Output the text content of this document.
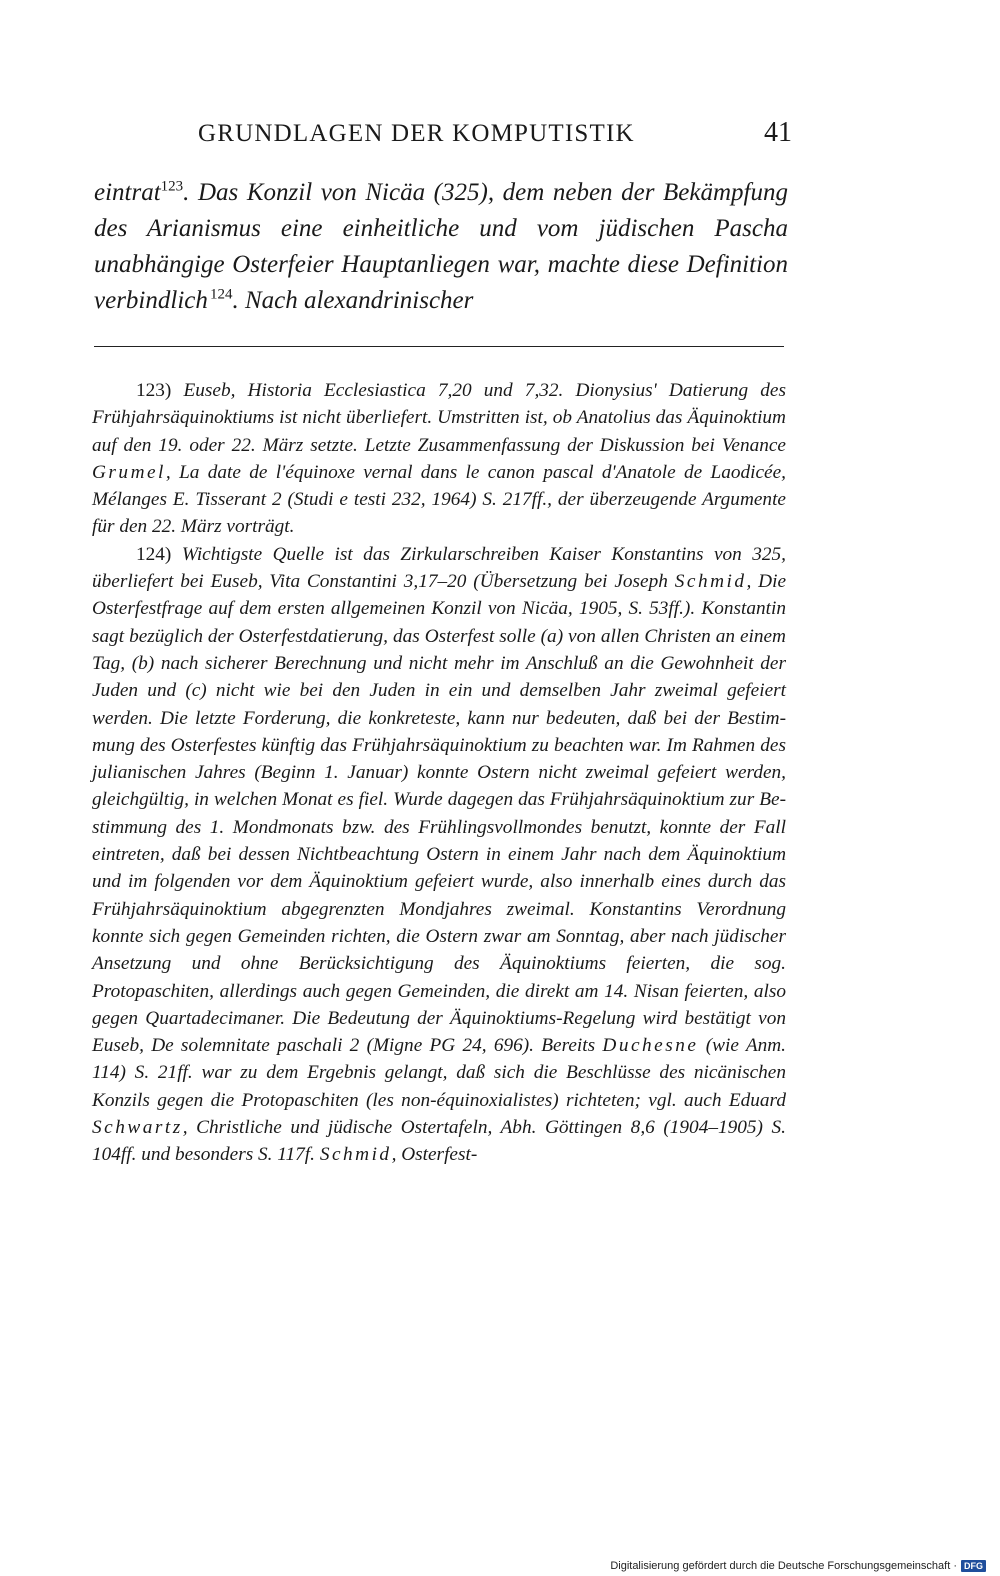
GRUNDLAGEN DER KOMPUTISTIK	41

eintrat$^{123}$. Das Konzil von Nicäa (325), dem neben der Bekämpfung des Arianismus eine einheitliche und vom jüdischen Pascha unabhängige Osterfeier Hauptanliegen war, machte diese Definition verbindlich  $^{124}$. Nach alexandrinischer

123) Euseb, Historia Ecclesiastica 7,20 und 7,32. Dionysius' Datierung des Frühjahrsäquinoktiums ist nicht überliefert. Umstritten ist, ob Anatolius das Äquinoktium auf den 19. oder 22. März setzte. Letzte Zusammenfassung der Diskussion bei Venance Grumel, La date de l'équinoxe vernal dans le canon pascal d'Anatole de Laodicée, Mélanges E. Tisserant 2 (Studi e testi 232, 1964) S. 217ff., der überzeugende Argumente für den 22. März vorträgt.

124) Wichtigste Quelle ist das Zirkularschreiben Kaiser Konstantins von 325, überliefert bei Euseb, Vita Constantini 3,17–20 (Übersetzung bei Joseph Schmid, Die Osterfestfrage auf dem ersten allgemeinen Konzil von Nicäa, 1905, S. 53ff.). Konstantin sagt bezüglich der Osterfestdatierung, das Osterfest solle (a) von allen Christen an einem Tag, (b) nach sicherer Berechnung und nicht mehr im Anschluß an die Gewohnheit der Juden und (c) nicht wie bei den Juden in ein und demselben Jahr zweimal gefeiert werden. Die letzte Forderung, die konkreteste, kann nur bedeuten, daß bei der Bestimmung des Osterfestes künftig das Frühjahrsäquinoktium zu beachten war. Im Rahmen des julianischen Jahres (Beginn 1. Januar) konnte Ostern nicht zweimal gefeiert werden, gleichgültig, in welchen Monat es fiel. Wurde dagegen das Frühjahrsäquinoktium zur Bestimmung des 1. Mondmonats bzw. des Frühlingsvollmondes benutzt, konnte der Fall eintreten, daß bei dessen Nichtbeachtung Ostern in einem Jahr nach dem Äquinoktium und im folgenden vor dem Äquinoktium gefeiert wurde, also innerhalb eines durch das Frühjahrsäquinoktium abgegrenzten Mondjahres zweimal. Konstantins Verordnung konnte sich gegen Gemeinden richten, die Ostern zwar am Sonntag, aber nach jüdischer Ansetzung und ohne Berücksichtigung des Äquinoktiums feierten, die sog. Protopaschiten, allerdings auch gegen Gemeinden, die direkt am 14. Nisan feierten, also gegen Quartadecimaner. Die Bedeutung der Äquinoktiums-Regelung wird bestätigt von Euseb, De solemnitate paschali 2 (Migne PG 24, 696). Bereits Duchesne (wie Anm. 114) S. 21ff. war zu dem Ergebnis gelangt, daß sich die Beschlüsse des nicänischen Konzils gegen die Protopaschiten (les non-équinoxialistes) richteten; vgl. auch Eduard Schwartz, Christliche und jüdische Ostertafeln, Abh. Göttingen 8,6 (1904–1905) S. 104ff. und besonders S. 117f. Schmid, Osterfest-

Digitalisierung gefördert durch die Deutsche Forschungsgemeinschaft · DFG
